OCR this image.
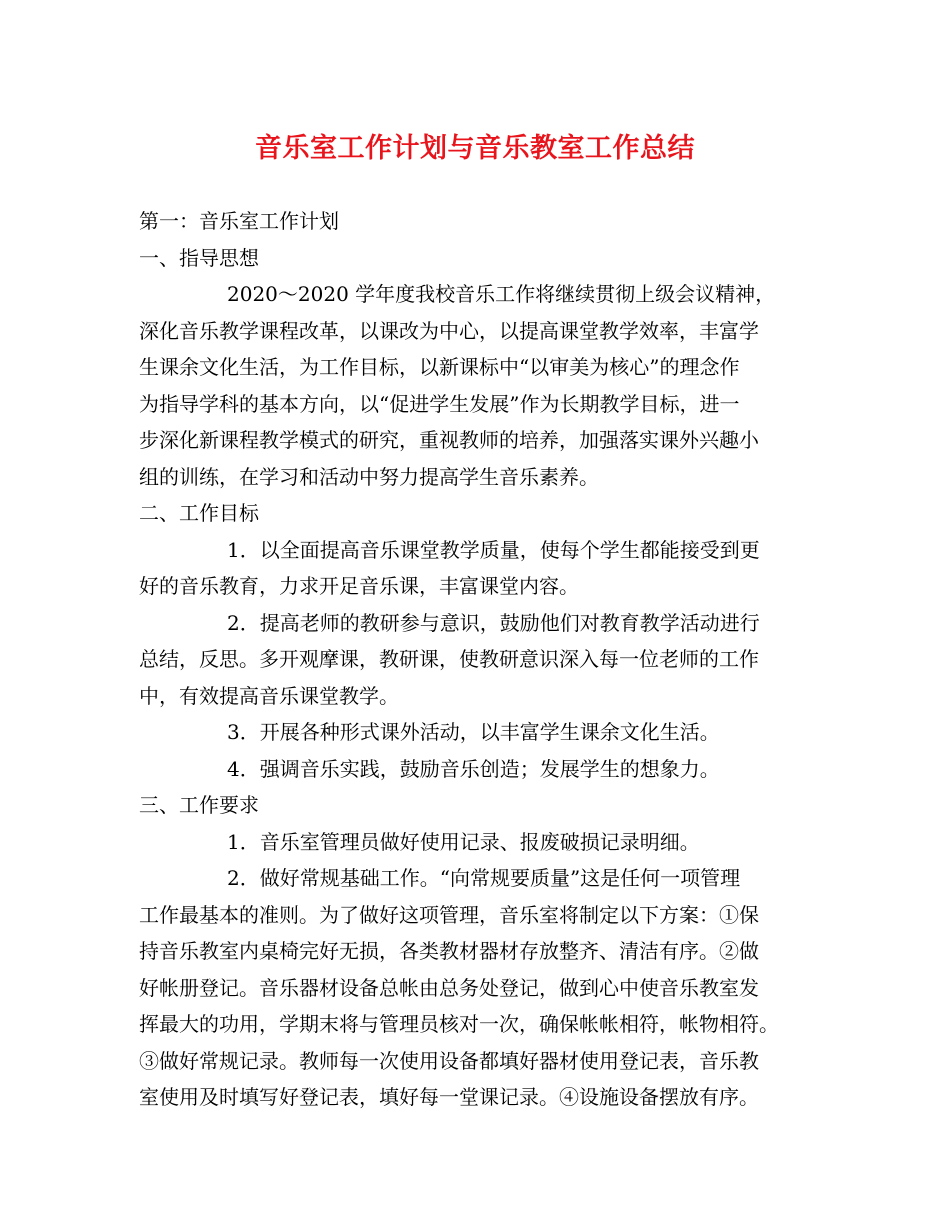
音乐室工作计划与音乐教室工作总结
第一：音乐室工作计划
一、指导思想
2020～2020 学年度我校音乐工作将继续贯彻上级会议精神，
深化音乐教学课程改革，以课改为中心，以提高课堂教学效率，丰富学
生课余文化生活，为工作目标，以新课标中“以审美为核心”的理念作
为指导学科的基本方向，以“促进学生发展”作为长期教学目标，进一
步深化新课程教学模式的研究，重视教师的培养，加强落实课外兴趣小
组的训练，在学习和活动中努力提高学生音乐素养。
二、工作目标
1．以全面提高音乐课堂教学质量，使每个学生都能接受到更
好的音乐教育，力求开足音乐课，丰富课堂内容。
2．提高老师的教研参与意识，鼓励他们对教育教学活动进行
总结，反思。多开观摩课，教研课，使教研意识深入每一位老师的工作
中，有效提高音乐课堂教学。
3．开展各种形式课外活动，以丰富学生课余文化生活。
4．强调音乐实践，鼓励音乐创造；发展学生的想象力。
三、工作要求
1．音乐室管理员做好使用记录、报废破损记录明细。
2．做好常规基础工作。“向常规要质量”这是任何一项管理
工作最基本的准则。为了做好这项管理，音乐室将制定以下方案：①保
持音乐教室内桌椅完好无损，各类教材器材存放整齐、清洁有序。②做
好帐册登记。音乐器材设备总帐由总务处登记，做到心中使音乐教室发
挥最大的功用，学期末将与管理员核对一次，确保帐帐相符，帐物相符。
③做好常规记录。教师每一次使用设备都填好器材使用登记表，音乐教
室使用及时填写好登记表，填好每一堂课记录。④设施设备摆放有序。
